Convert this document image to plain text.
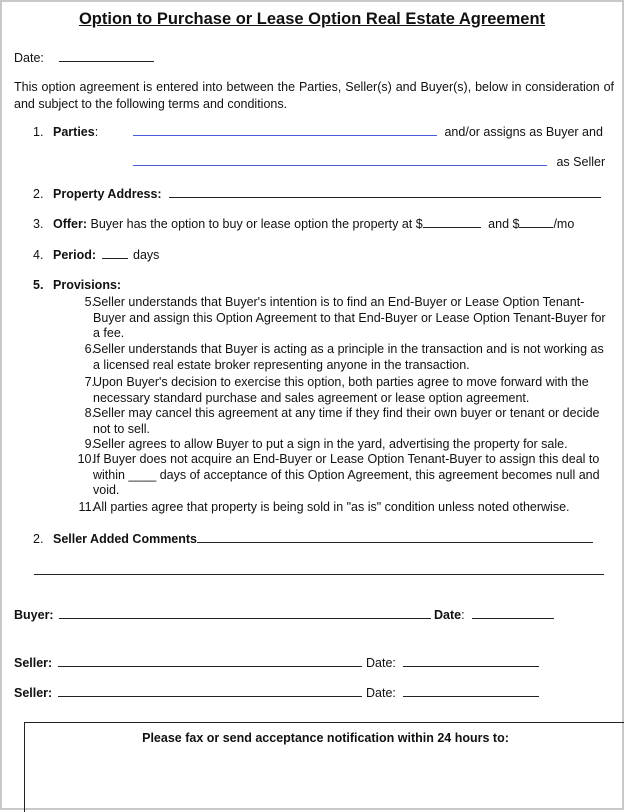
Option to Purchase or Lease Option Real Estate Agreement
Date:
This option agreement is entered into between the Parties, Seller(s) and Buyer(s), below in consideration of and subject to the following terms and conditions.
1. Parties:	and/or assigns as Buyer and
as Seller
2. Property Address:
3. Offer: Buyer has the option to buy or lease option the property at $	and $	/mo
4. Period:	days
5. Provisions:
5.
Seller understands that Buyer's intention is to find an End-Buyer or Lease Option Tenant-Buyer and assign this Option Agreement to that End-Buyer or Lease Option Tenant-Buyer for a fee.
6.
Seller understands that Buyer is acting as a principle in the transaction and is not working as a licensed real estate broker representing anyone in the transaction.
7.
Upon Buyer's decision to exercise this option, both parties agree to move forward with the necessary standard purchase and sales agreement or lease option agreement.
8.
Seller may cancel this agreement at any time if they find their own buyer or tenant or decide not to sell.
9.
Seller agrees to allow Buyer to put a sign in the yard, advertising the property for sale.
10.
If Buyer does not acquire an End-Buyer or Lease Option Tenant-Buyer to assign this deal to within ____ days of acceptance of this Option Agreement, this agreement becomes null and void.
11.
All parties agree that property is being sold in "as is" condition unless noted otherwise.
2. Seller Added Comments
Buyer:	Date:
Seller:	Date:
Seller:	Date:
Please fax or send acceptance notification within 24 hours to:
